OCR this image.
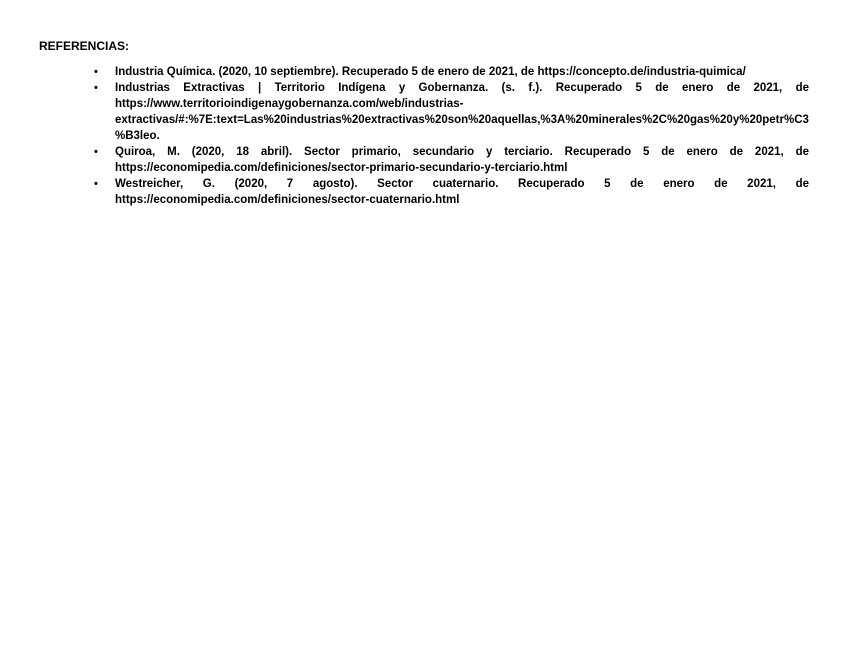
REFERENCIAS:
• Industria Química. (2020, 10 septiembre). Recuperado 5 de enero de 2021, de https://concepto.de/industria-quimica/
• Industrias Extractivas | Territorio Indígena y Gobernanza. (s. f.). Recuperado 5 de enero de 2021, de https://www.territorioindigenaygobernanza.com/web/industrias-extractivas/#:%7E:text=Las%20industrias%20extractivas%20son%20aquellas,%3A%20minerales%2C%20gas%20y%20petr%C3%B3leo.
• Quiroa, M. (2020, 18 abril). Sector primario, secundario y terciario. Recuperado 5 de enero de 2021, de https://economipedia.com/definiciones/sector-primario-secundario-y-terciario.html
• Westreicher, G. (2020, 7 agosto). Sector cuaternario. Recuperado 5 de enero de 2021, de https://economipedia.com/definiciones/sector-cuaternario.html
